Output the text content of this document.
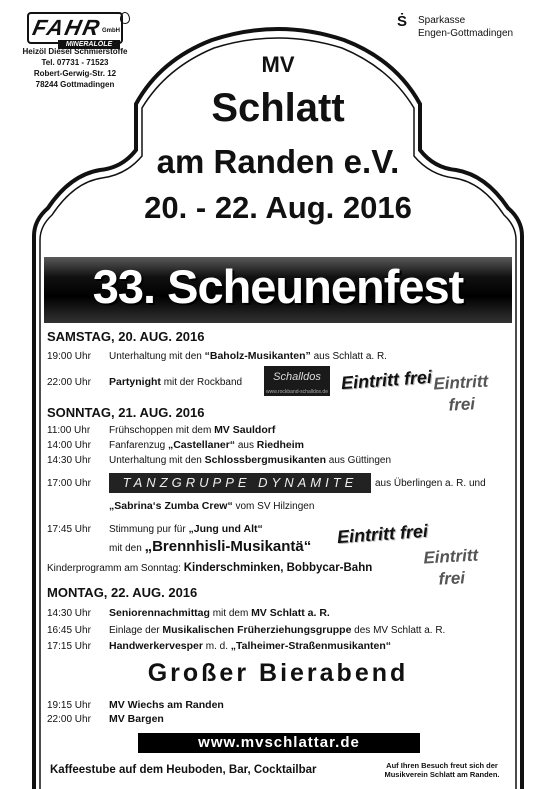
FAHR
GmbH
MINERALÖLE
Heizöl Diesel Schmierstoffe
Tel. 07731 - 71523
Robert-Gerwig-Str. 12
78244 Gottmadingen
Ṡ Sparkasse
Engen-Gottmadingen
MV
Schlatt
am Randen e.V.
20. - 22. Aug. 2016
33. Scheunenfest
SAMSTAG, 20. AUG. 2016
19:00 Uhr Unterhaltung mit den “Baholz-Musikanten” aus Schlatt a. R.
22:00 Uhr Partynight mit der Rockband	Schalldos
www.rockband-schalldos.de Eintritt frei Eintritt
frei
SONNTAG, 21. AUG. 2016
11:00 Uhr Frühschoppen mit dem MV Sauldorf
14:00 Uhr Fanfarenzug „Castellaner“ aus Riedheim
14:30 Uhr Unterhaltung mit den Schlossbergmusikanten aus Güttingen
17:00 Uhr	TANZGRUPPE DYNAMITE	aus Überlingen a. R. und
„Sabrina‘s Zumba Crew“ vom SV Hilzingen
17:45 Uhr Stimmung pur für „Jung und Alt“
mit den „Brennhisli-Musikantä“ Eintritt frei
Eintritt
frei
Kinderprogramm am Sonntag: Kinderschminken, Bobbycar-Bahn
MONTAG, 22. AUG. 2016
14:30 Uhr Seniorennachmittag mit dem MV Schlatt a. R.
16:45 Uhr Einlage der Musikalischen Früherziehungsgruppe des MV Schlatt a. R.
17:15 Uhr Handwerkervesper m. d. „Talheimer-Straßenmusikanten“
Großer Bierabend
19:15 Uhr MV Wiechs am Randen
22:00 Uhr MV Bargen
www.mvschlattar.de
Kaffeestube auf dem Heuboden, Bar, Cocktailbar	Auf Ihren Besuch freut sich der
Musikverein Schlatt am Randen.
